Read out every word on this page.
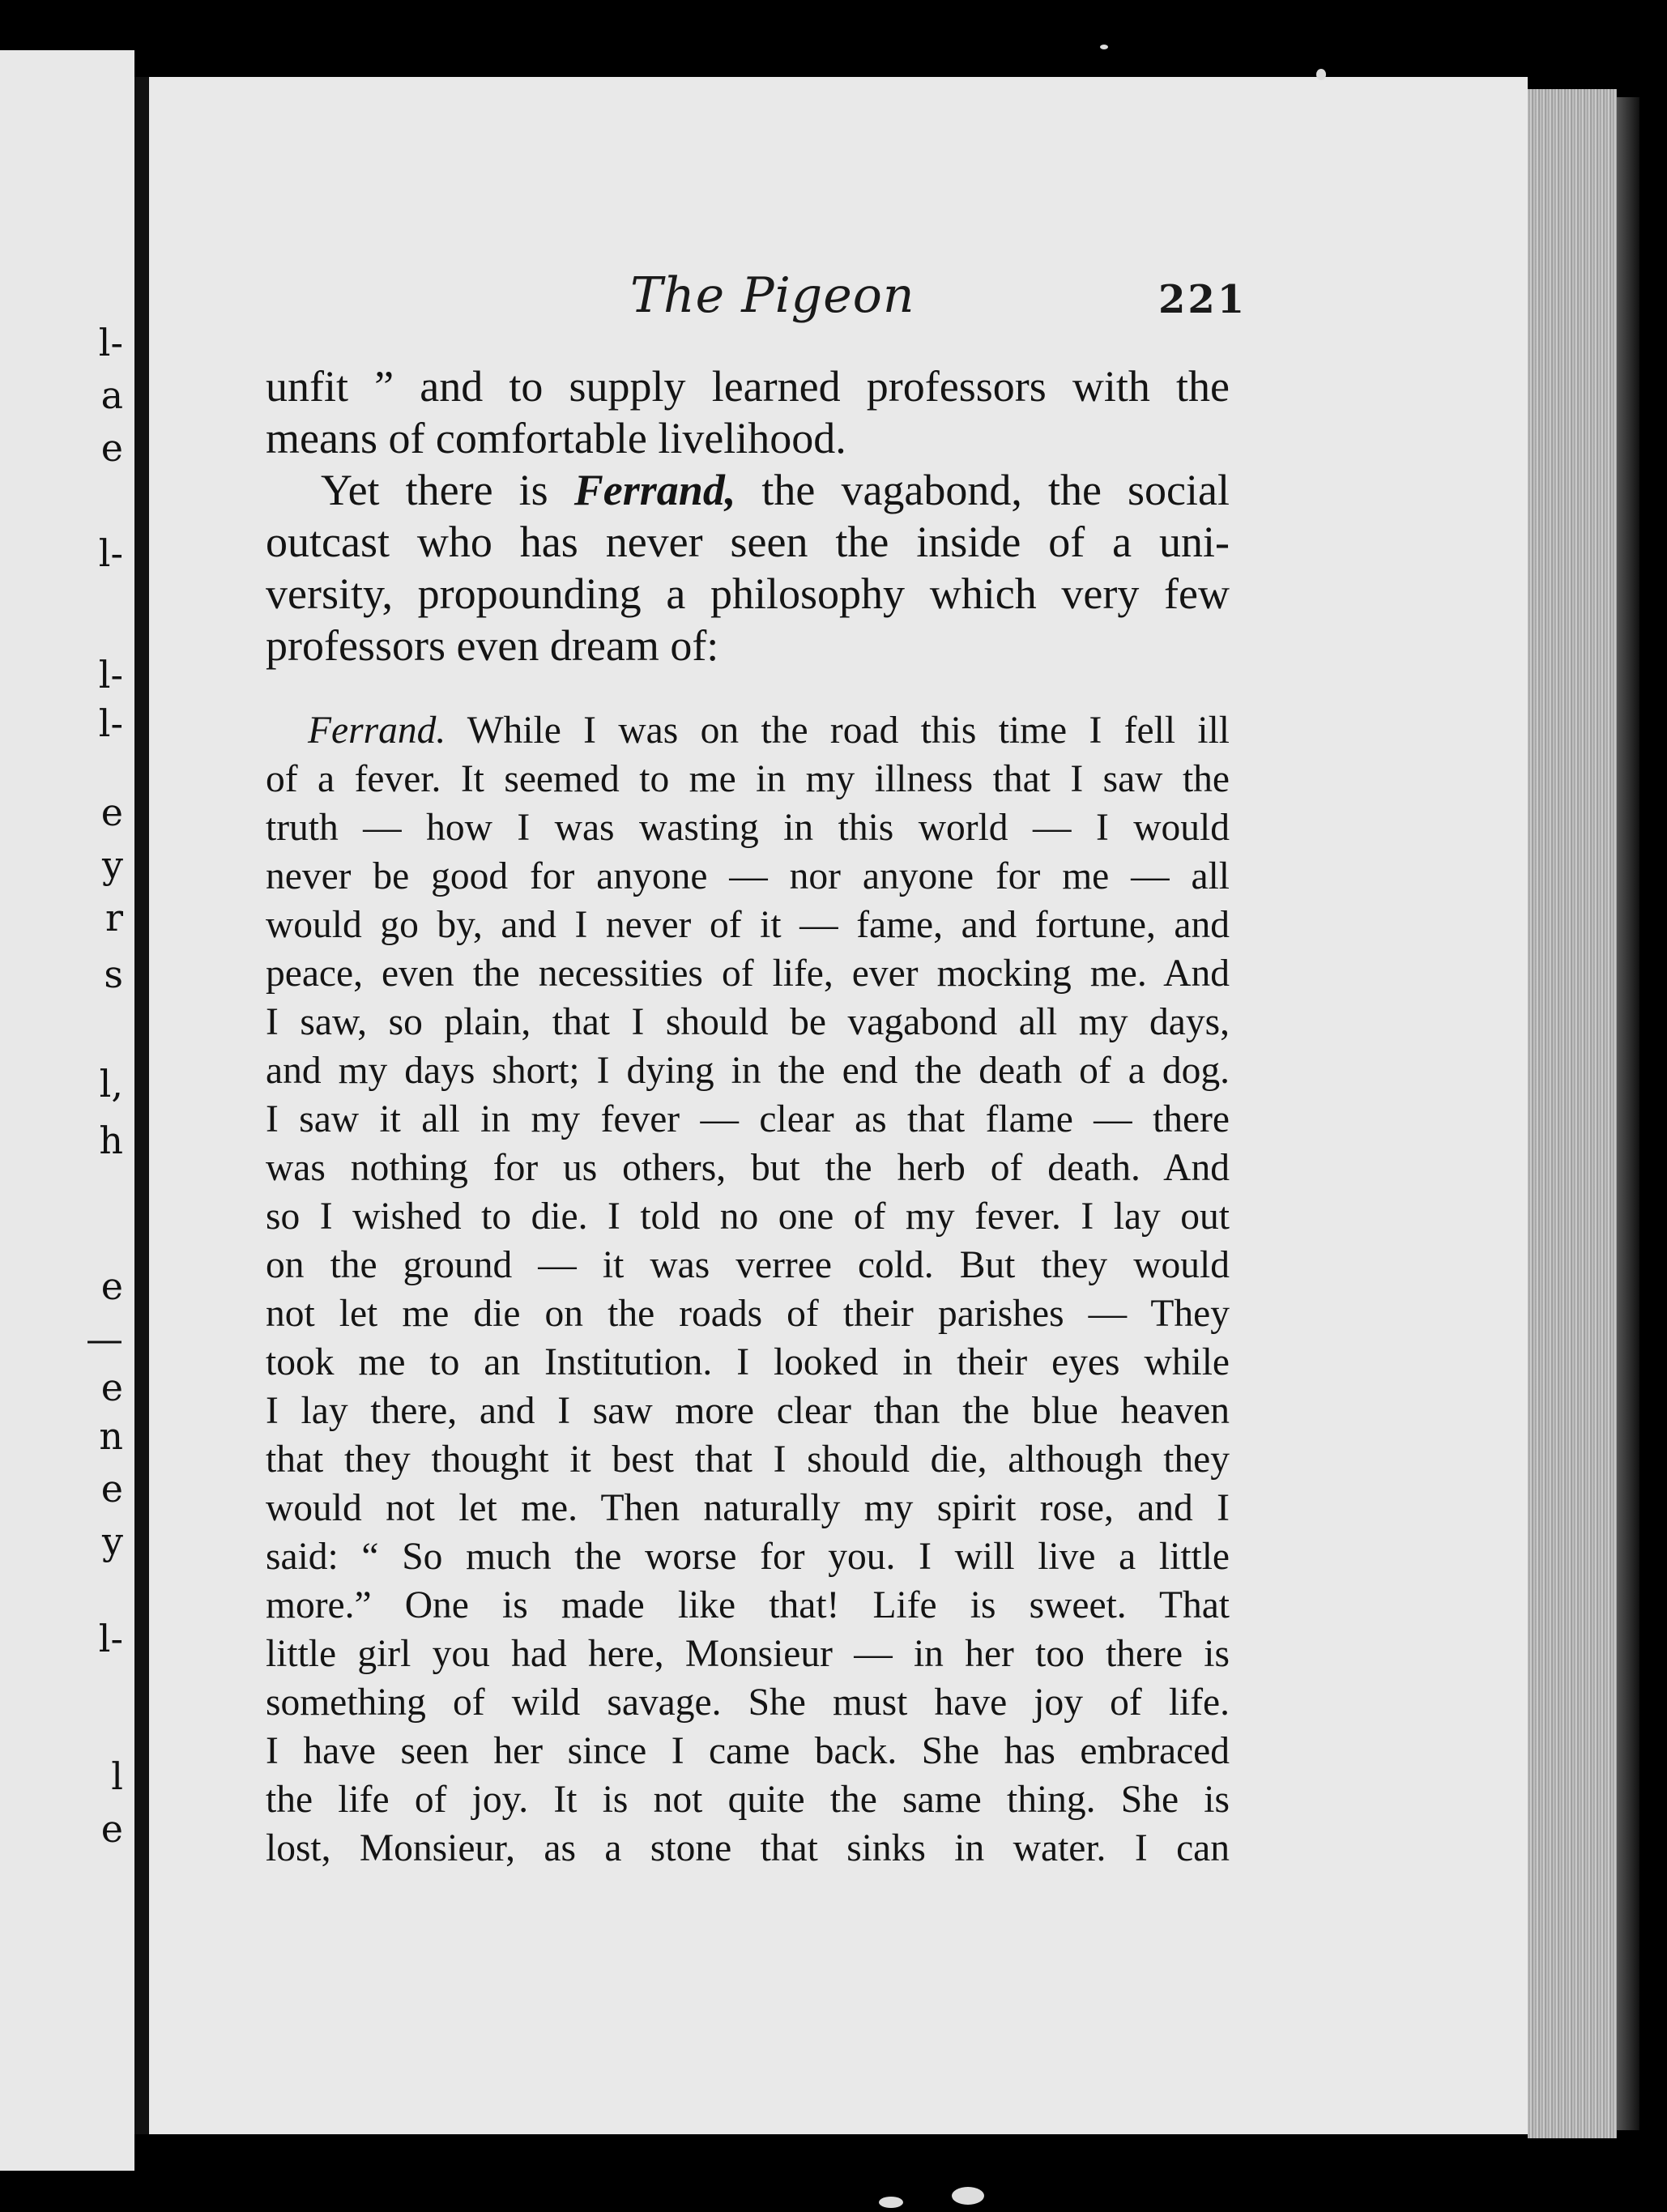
l-
a
e
l-
l-
l-
e
y
r
s
l,
h
e
—
e
n
e
y
l-
l
e
The Pigeon	221
unfit ” and to supply learned professors with the
means of comfortable livelihood.
Yet there is Ferrand, the vagabond, the social
outcast who has never seen the inside of a uni-
versity, propounding a philosophy which very few
professors even dream of:
Ferrand. While I was on the road this time I fell ill
of a fever. It seemed to me in my illness that I saw the
truth — how I was wasting in this world — I would
never be good for anyone — nor anyone for me — all
would go by, and I never of it — fame, and fortune, and
peace, even the necessities of life, ever mocking me. And
I saw, so plain, that I should be vagabond all my days,
and my days short; I dying in the end the death of a dog.
I saw it all in my fever — clear as that flame — there
was nothing for us others, but the herb of death. And
so I wished to die. I told no one of my fever. I lay out
on the ground — it was verree cold. But they would
not let me die on the roads of their parishes — They
took me to an Institution. I looked in their eyes while
I lay there, and I saw more clear than the blue heaven
that they thought it best that I should die, although they
would not let me. Then naturally my spirit rose, and I
said: “ So much the worse for you. I will live a little
more.” One is made like that! Life is sweet. That
little girl you had here, Monsieur — in her too there is
something of wild savage. She must have joy of life.
I have seen her since I came back. She has embraced
the life of joy. It is not quite the same thing. She is
lost, Monsieur, as a stone that sinks in water. I can
